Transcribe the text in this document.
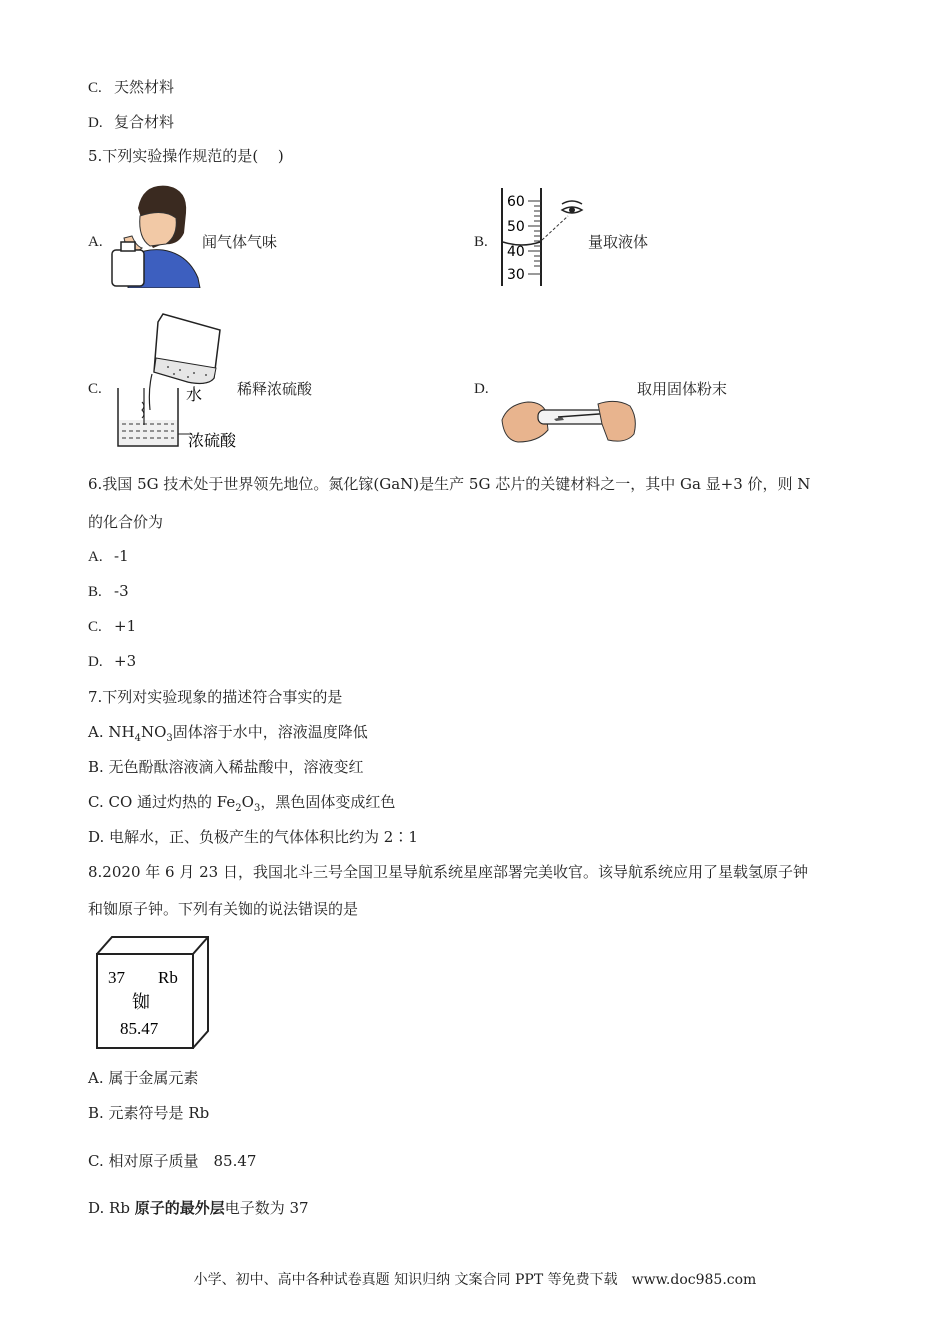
C. 天然材料
D. 复合材料
5.下列实验操作规范的是(　 )
A.	闻气体气味	B.
60
50
40
30
量取液体
C.	水
浓硫酸
稀释浓硫酸	D.	取用固体粉末
6.我国 5G 技术处于世界领先地位。氮化镓(GaN)是生产 5G 芯片的关键材料之一，其中 Ga 显+3 价，则 N
的化合价为
A. -1
B. -3
C. +1
D. +3
7.下列对实验现象的描述符合事实的是
A. $NH_4NO_3$固体溶于水中，溶液温度降低
B. 无色酚酞溶液滴入稀盐酸中，溶液变红
C. CO 通过灼热的 $Fe_2O_3$，黑色固体变成红色
D. 电解水，正、负极产生的气体体积比约为 2∶1
8.2020 年 6 月 23 日，我国北斗三号全国卫星导航系统星座部署完美收官。该导航系统应用了星载氢原子钟
和铷原子钟。下列有关铷的说法错误的是
37 Rb
铷
85.47
A. 属于金属元素
B. 元素符号是 Rb
C. 相对原子质量　85.47
D. Rb 原子的最外层电子数为 37
小学、初中、高中各种试卷真题 知识归纳 文案合同 PPT 等免费下载　www.doc985.com
